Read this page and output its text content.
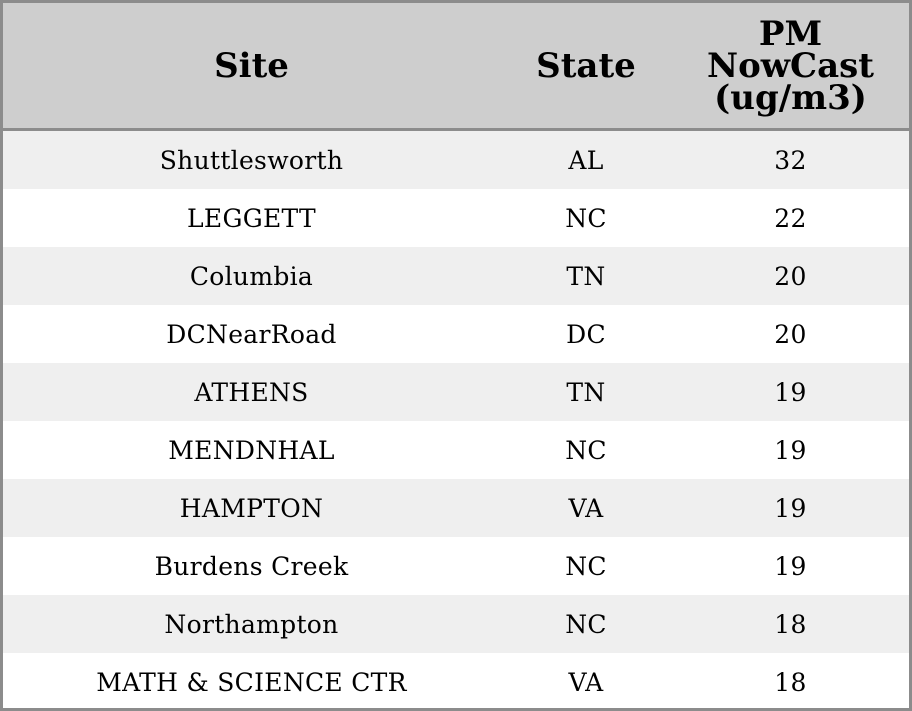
Site	State	PM
NowCast
(ug/m3)

Shuttlesworth	AL	32
LEGGETT	NC	22
Columbia	TN	20
DCNearRoad	DC	20
ATHENS	TN	19
MENDNHAL	NC	19
HAMPTON	VA	19
Burdens Creek	NC	19
Northampton	NC	18
MATH & SCIENCE CTR	VA	18
